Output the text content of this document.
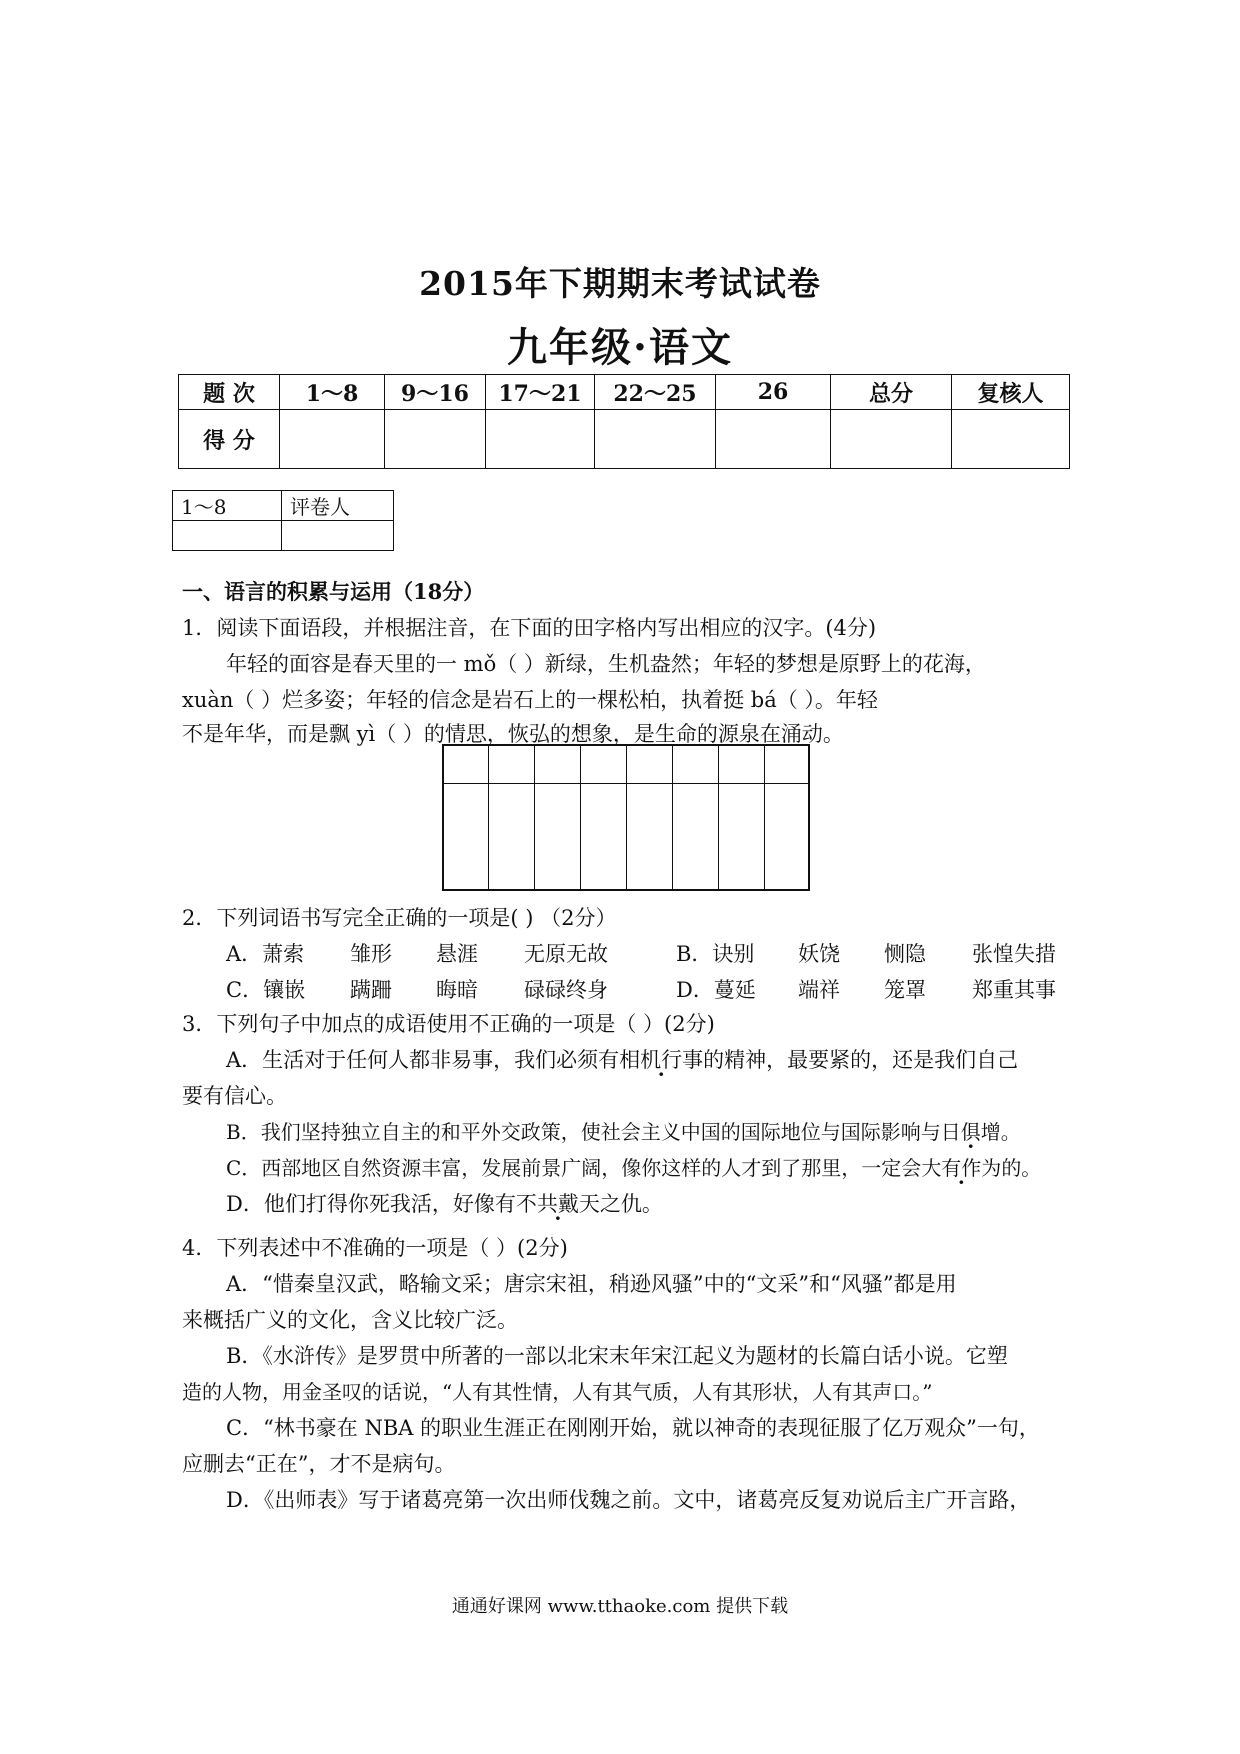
2015年下期期末考试试卷
九年级·语文
题 次	1～8	9～16	17～21	22～25	26	总分	复核人
得 分							
1～8	评卷人

一、语言的积累与运用（18分）
1．阅读下面语段，并根据注音，在下面的田字格内写出相应的汉字。(4分)
年轻的面容是春天里的一 mǒ（ ）新绿，生机盎然；年轻的梦想是原野上的花海，
xuàn（ ）烂多姿；年轻的信念是岩石上的一棵松柏，执着挺 bá（ ）。年轻
不是年华，而是飘 yì（ ）的情思，恢弘的想象，是生命的源泉在涌动。
2．下列词语书写完全正确的一项是( ) （2分）
A．萧索 雏形 悬涯 无原无故	B．诀别 妖饶 恻隐 张惶失措
C．镶嵌 蹒跚 晦暗 碌碌终身	D．蔓延 端祥 笼罩 郑重其事
3．下列句子中加点的成语使用不正确的一项是（ ）(2分)
A．生活对于任何人都非易事，我们必须有相机行事的精神，最要紧的，还是我们自己
要有信心。
B．我们坚持独立自主的和平外交政策，使社会主义中国的国际地位与国际影响与日俱增。
C．西部地区自然资源丰富，发展前景广阔，像你这样的人才到了那里，一定会大有作为的。
D．他们打得你死我活，好像有不共戴天之仇。
4．下列表述中不准确的一项是（ ）(2分)
A．“惜秦皇汉武，略输文采；唐宗宋祖，稍逊风骚”中的“文采”和“风骚”都是用
来概括广义的文化，含义比较广泛。
B．《水浒传》是罗贯中所著的一部以北宋末年宋江起义为题材的长篇白话小说。它塑
造的人物，用金圣叹的话说，“人有其性情，人有其气质，人有其形状，人有其声口。”
C．“林书豪在 NBA 的职业生涯正在刚刚开始，就以神奇的表现征服了亿万观众”一句，
应删去“正在”，才不是病句。
D．《出师表》写于诸葛亮第一次出师伐魏之前。文中，诸葛亮反复劝说后主广开言路，
通通好课网 www.tthaoke.com 提供下载
